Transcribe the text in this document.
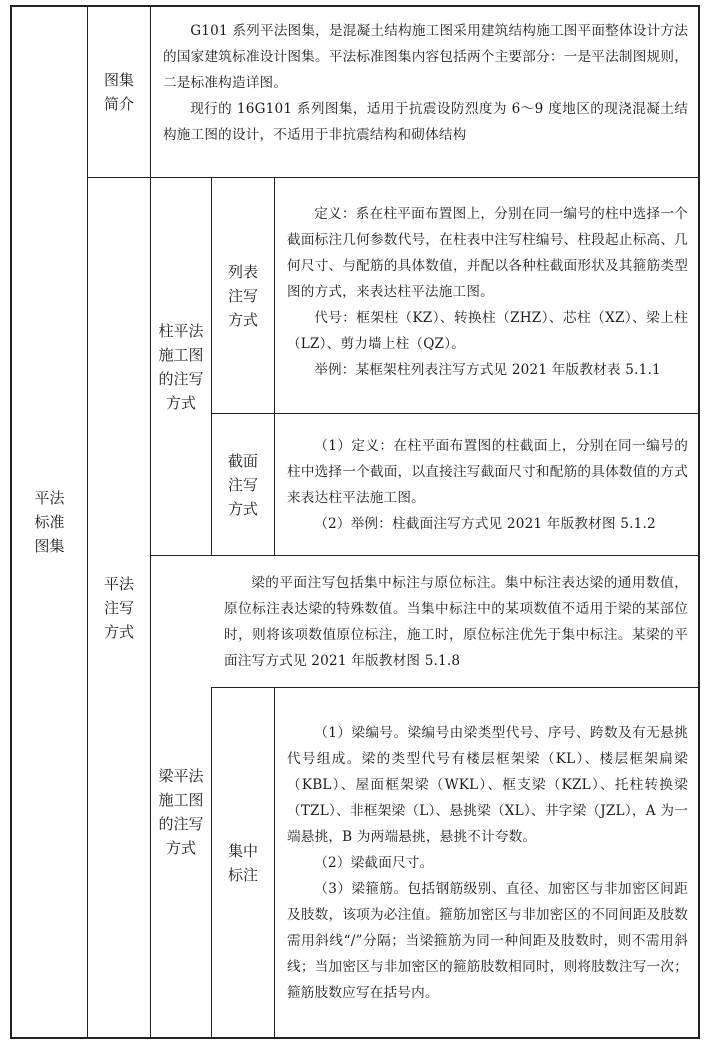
平法
标准
图集
图集
简介

G101 系列平法图集，是混凝土结构施工图采用建筑结构施工图平面整体设计方法的国家建筑标准设计图集。平法标准图集内容包括两个主要部分：一是平法制图规则，二是标准构造详图。

现行的 16G101 系列图集，适用于抗震设防烈度为 6～9 度地区的现浇混凝土结构施工图的设计，不适用于非抗震结构和砌体结构

平法
注写
方式
柱平法
施工图
的注写
方式
列表
注写
方式

定义：系在柱平面布置图上，分别在同一编号的柱中选择一个截面标注几何参数代号，在柱表中注写柱编号、柱段起止标高、几何尺寸、与配筋的具体数值，并配以各种柱截面形状及其箍筋类型图的方式，来表达柱平法施工图。

代号：框架柱（KZ）、转换柱（ZHZ）、芯柱（XZ）、梁上柱（LZ）、剪力墙上柱（QZ）。

举例：某框架柱列表注写方式见 2021 年版教材表 5.1.1

截面
注写
方式

（1）定义：在柱平面布置图的柱截面上，分别在同一编号的柱中选择一个截面，以直接注写截面尺寸和配筋的具体数值的方式来表达柱平法施工图。

（2）举例：柱截面注写方式见 2021 年版教材图 5.1.2

梁平法
施工图
的注写
方式

梁的平面注写包括集中标注与原位标注。集中标注表达梁的通用数值，原位标注表达梁的特殊数值。当集中标注中的某项数值不适用于梁的某部位时，则将该项数值原位标注，施工时，原位标注优先于集中标注。某梁的平面注写方式见 2021 年版教材图 5.1.8

集中
标注

（1）梁编号。梁编号由梁类型代号、序号、跨数及有无悬挑代号组成。梁的类型代号有楼层框架梁（KL）、楼层框架扁梁（KBL）、屋面框架梁（WKL）、框支梁（KZL）、托柱转换梁（TZL）、非框架梁（L）、悬挑梁（XL）、井字梁（JZL），A 为一端悬挑，B 为两端悬挑，悬挑不计夸数。

（2）梁截面尺寸。

（3）梁箍筋。包括钢筋级别、直径、加密区与非加密区间距及肢数，该项为必注值。箍筋加密区与非加密区的不同间距及肢数需用斜线“/”分隔；当梁箍筋为同一种间距及肢数时，则不需用斜线；当加密区与非加密区的箍筋肢数相同时，则将肢数注写一次；箍筋肢数应写在括号内。
